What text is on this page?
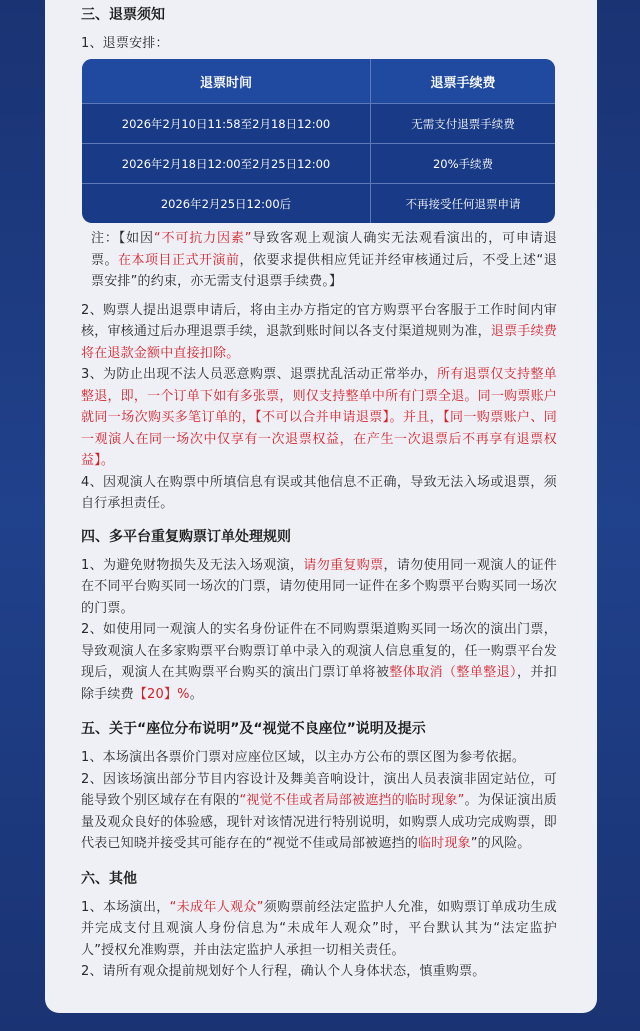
三、退票须知

1、退票安排：

退票时间	退票手续费
2026年2月10日11:58至2月18日12:00	无需支付退票手续费
2026年2月18日12:00至2月25日12:00	20%手续费
2026年2月25日12:00后	不再接受任何退票申请

注：【如因“不可抗力因素”导致客观上观演人确实无法观看演出的，可申请退票。在本项目正式开演前，依要求提供相应凭证并经审核通过后，不受上述“退票安排”的约束，亦无需支付退票手续费。】

2、购票人提出退票申请后，将由主办方指定的官方购票平台客服于工作时间内审核，审核通过后办理退票手续，退款到账时间以各支付渠道规则为准，退票手续费将在退款金额中直接扣除。

3、为防止出现不法人员恶意购票、退票扰乱活动正常举办，所有退票仅支持整单整退，即，一个订单下如有多张票，则仅支持整单中所有门票全退。同一购票账户就同一场次购买多笔订单的，【不可以合并申请退票】。并且，【同一购票账户、同一观演人在同一场次中仅享有一次退票权益，在产生一次退票后不再享有退票权益】。

4、因观演人在购票中所填信息有误或其他信息不正确，导致无法入场或退票，须自行承担责任。

四、多平台重复购票订单处理规则

1、为避免财物损失及无法入场观演，请勿重复购票，请勿使用同一观演人的证件在不同平台购买同一场次的门票，请勿使用同一证件在多个购票平台购买同一场次的门票。

2、如使用同一观演人的实名身份证件在不同购票渠道购买同一场次的演出门票，导致观演人在多家购票平台购票订单中录入的观演人信息重复的，任一购票平台发现后，观演人在其购票平台购买的演出门票订单将被整体取消（整单整退），并扣除手续费【20】%。

五、关于“座位分布说明”及“视觉不良座位”说明及提示

1、本场演出各票价门票对应座位区域，以主办方公布的票区图为参考依据。

2、因该场演出部分节目内容设计及舞美音响设计，演出人员表演非固定站位，可能导致个别区域存在有限的“视觉不佳或者局部被遮挡的临时现象”。为保证演出质量及观众良好的体验感，现针对该情况进行特别说明，如购票人成功完成购票，即代表已知晓并接受其可能存在的“视觉不佳或局部被遮挡的临时现象”的风险。

六、其他

1、本场演出，“未成年人观众”须购票前经法定监护人允准，如购票订单成功生成并完成支付且观演人身份信息为“未成年人观众”时，平台默认其为“法定监护人”授权允准购票，并由法定监护人承担一切相关责任。

2、请所有观众提前规划好个人行程，确认个人身体状态，慎重购票。
